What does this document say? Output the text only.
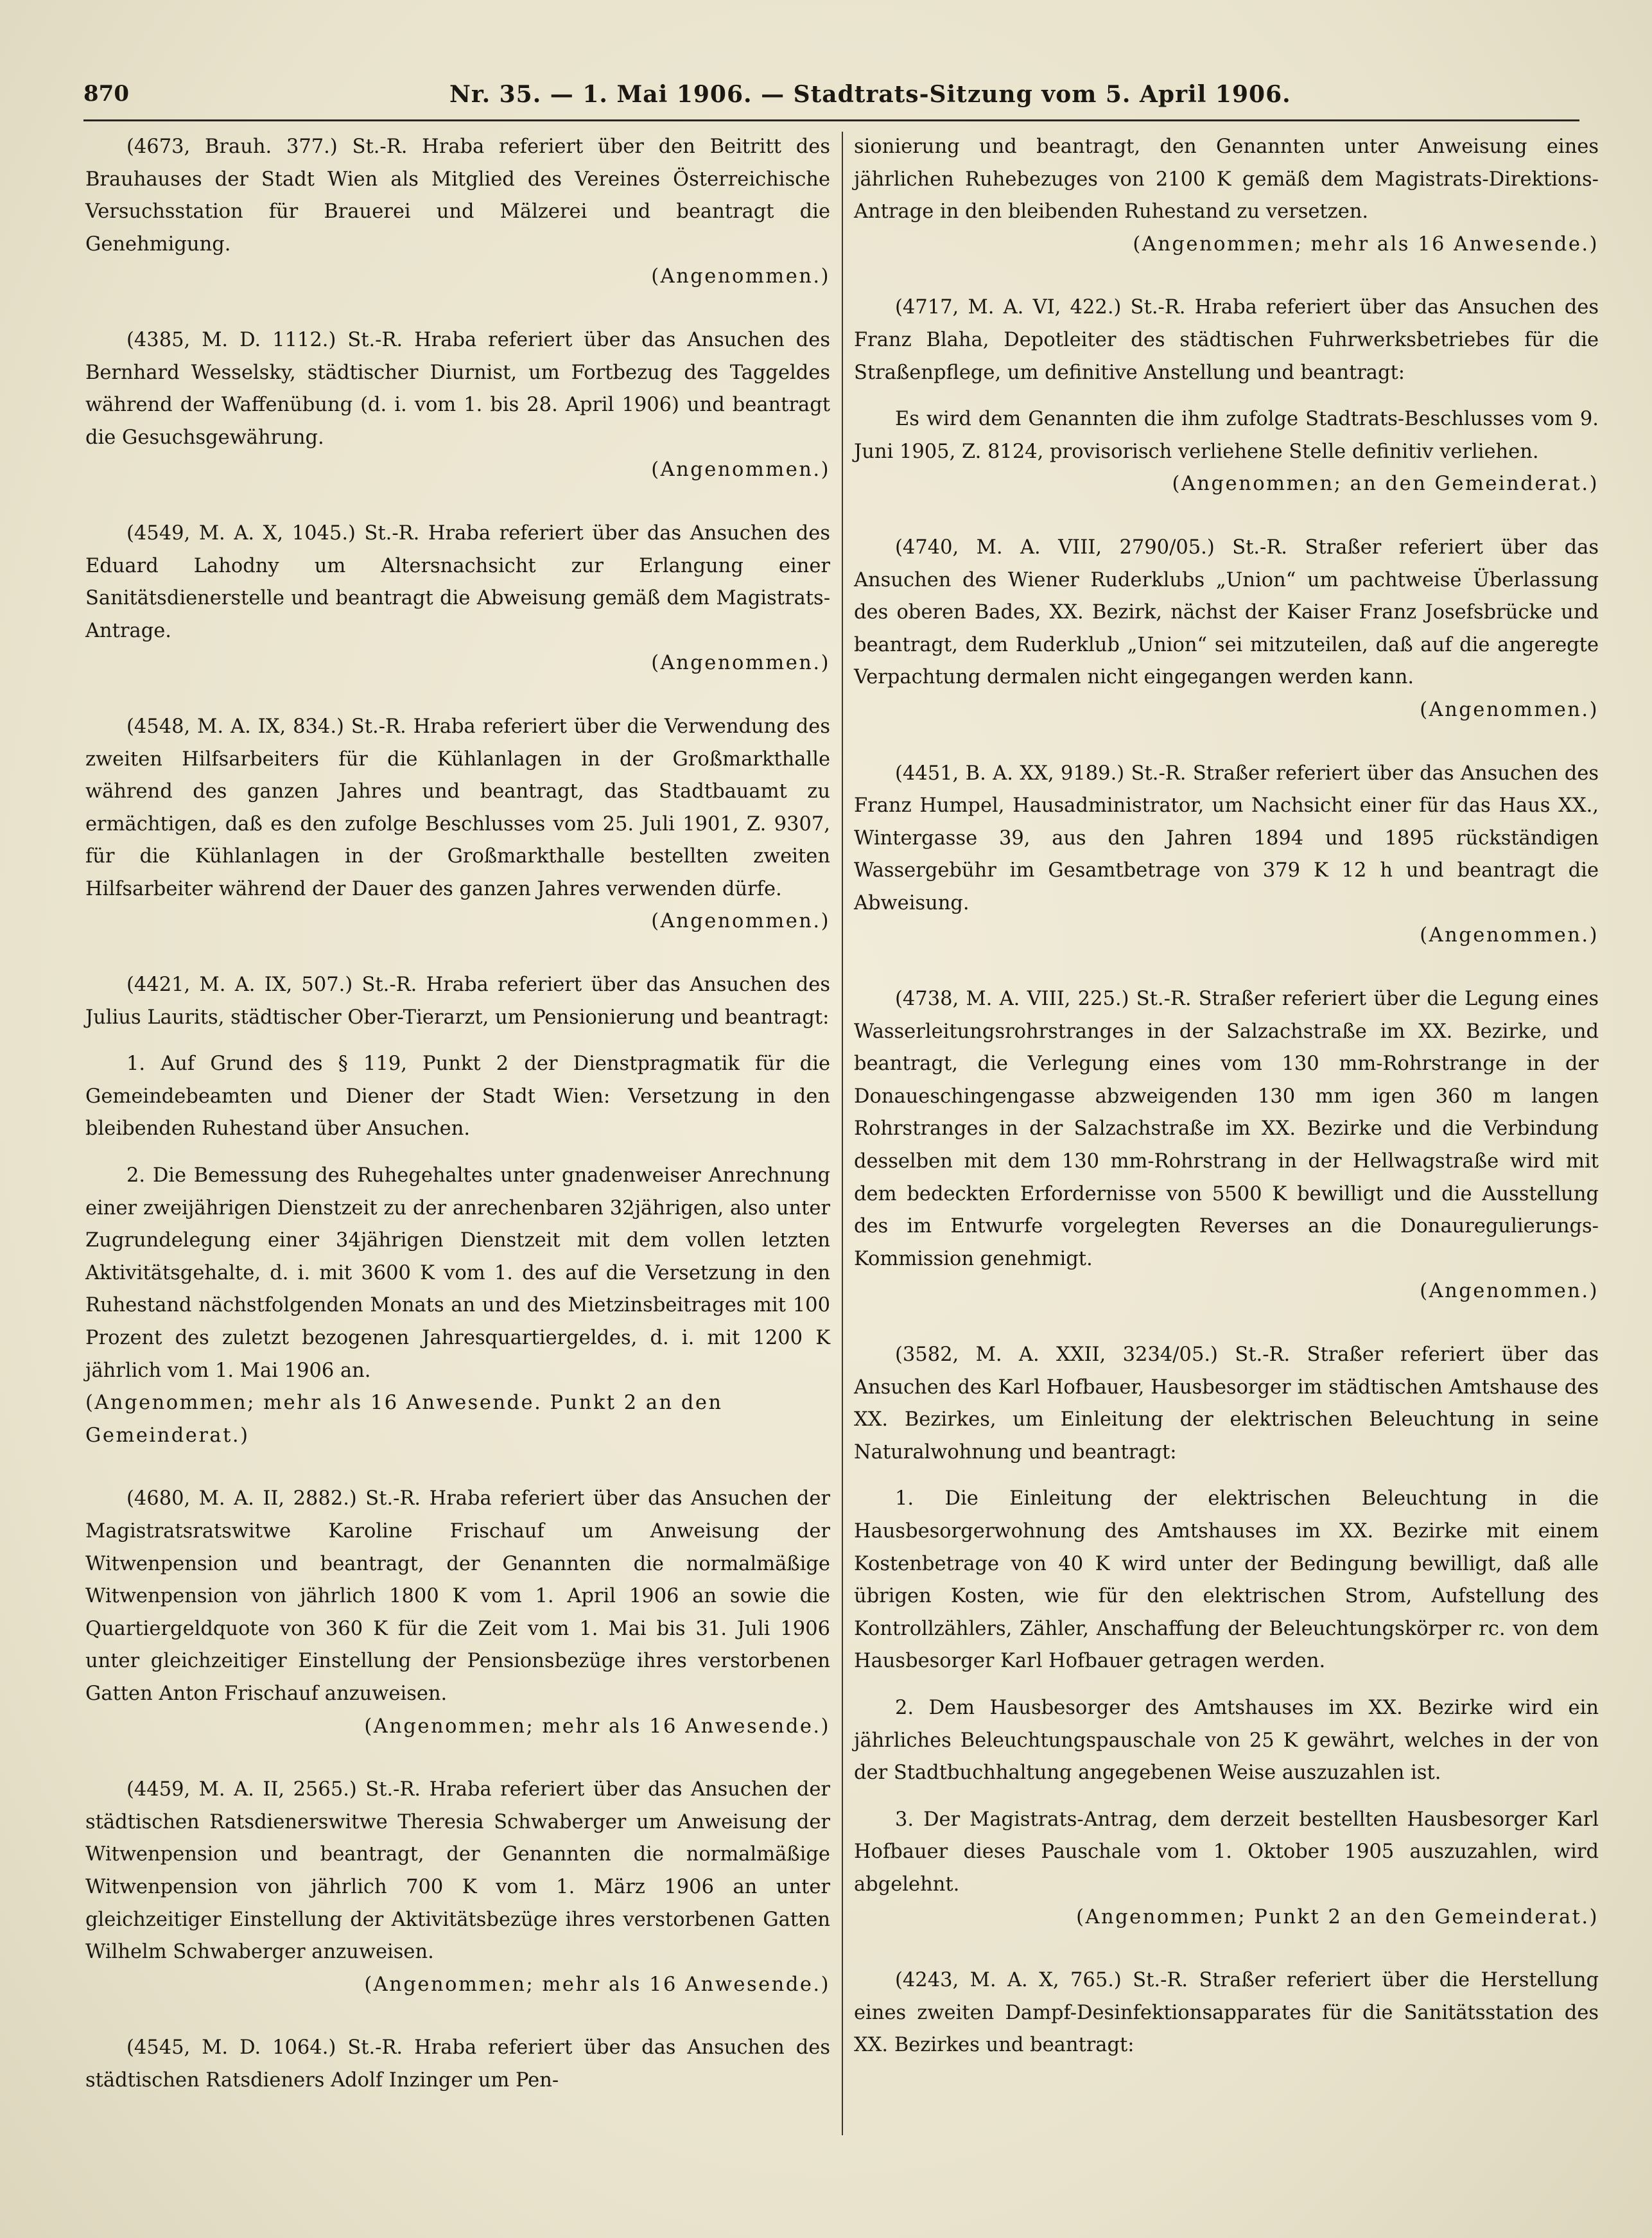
870	Nr. 35. — 1. Mai 1906. — Stadtrats-Sitzung vom 5. April 1906.

(4673, Brauh. 377.) St.-R. Hraba referiert über den Beitritt des Brauhauses der Stadt Wien als Mitglied des Vereines Österreichische Versuchsstation für Brauerei und Mälzerei und beantragt die Genehmigung.

(Angenommen.)

(4385, M. D. 1112.) St.-R. Hraba referiert über das Ansuchen des Bernhard Wesselsky, städtischer Diurnist, um Fortbezug des Taggeldes während der Waffenübung (d. i. vom 1. bis 28. April 1906) und beantragt die Gesuchsgewährung.

(Angenommen.)

(4549, M. A. X, 1045.) St.-R. Hraba referiert über das Ansuchen des Eduard Lahodny um Altersnachsicht zur Erlangung einer Sanitätsdienerstelle und beantragt die Abweisung gemäß dem Magistrats-Antrage.

(Angenommen.)

(4548, M. A. IX, 834.) St.-R. Hraba referiert über die Verwendung des zweiten Hilfsarbeiters für die Kühlanlagen in der Großmarkthalle während des ganzen Jahres und beantragt, das Stadtbauamt zu ermächtigen, daß es den zufolge Beschlusses vom 25. Juli 1901, Z. 9307, für die Kühlanlagen in der Großmarkthalle bestellten zweiten Hilfsarbeiter während der Dauer des ganzen Jahres verwenden dürfe.

(Angenommen.)

(4421, M. A. IX, 507.) St.-R. Hraba referiert über das Ansuchen des Julius Laurits, städtischer Ober-Tierarzt, um Pensionierung und beantragt:

1. Auf Grund des § 119, Punkt 2 der Dienstpragmatik für die Gemeindebeamten und Diener der Stadt Wien: Versetzung in den bleibenden Ruhestand über Ansuchen.

2. Die Bemessung des Ruhegehaltes unter gnadenweiser Anrechnung einer zweijährigen Dienstzeit zu der anrechenbaren 32jährigen, also unter Zugrundelegung einer 34jährigen Dienstzeit mit dem vollen letzten Aktivitätsgehalte, d. i. mit 3600 K vom 1. des auf die Versetzung in den Ruhestand nächstfolgenden Monats an und des Mietzinsbeitrages mit 100 Prozent des zuletzt bezogenen Jahresquartiergeldes, d. i. mit 1200 K jährlich vom 1. Mai 1906 an.

(Angenommen; mehr als 16 Anwesende. Punkt 2 an den Gemeinderat.)

(4680, M. A. II, 2882.) St.-R. Hraba referiert über das Ansuchen der Magistratsratswitwe Karoline Frischauf um Anweisung der Witwenpension und beantragt, der Genannten die normalmäßige Witwenpension von jährlich 1800 K vom 1. April 1906 an sowie die Quartiergeldquote von 360 K für die Zeit vom 1. Mai bis 31. Juli 1906 unter gleichzeitiger Einstellung der Pensionsbezüge ihres verstorbenen Gatten Anton Frischauf anzuweisen.

(Angenommen; mehr als 16 Anwesende.)

(4459, M. A. II, 2565.) St.-R. Hraba referiert über das Ansuchen der städtischen Ratsdienerswitwe Theresia Schwaberger um Anweisung der Witwenpension und beantragt, der Genannten die normalmäßige Witwenpension von jährlich 700 K vom 1. März 1906 an unter gleichzeitiger Einstellung der Aktivitätsbezüge ihres verstorbenen Gatten Wilhelm Schwaberger anzuweisen.

(Angenommen; mehr als 16 Anwesende.)

(4545, M. D. 1064.) St.-R. Hraba referiert über das Ansuchen des städtischen Ratsdieners Adolf Inzinger um Pen-

sionierung und beantragt, den Genannten unter Anweisung eines jährlichen Ruhebezuges von 2100 K gemäß dem Magistrats-Direktions-Antrage in den bleibenden Ruhestand zu versetzen.

(Angenommen; mehr als 16 Anwesende.)

(4717, M. A. VI, 422.) St.-R. Hraba referiert über das Ansuchen des Franz Blaha, Depotleiter des städtischen Fuhrwerksbetriebes für die Straßenpflege, um definitive Anstellung und beantragt:

Es wird dem Genannten die ihm zufolge Stadtrats-Beschlusses vom 9. Juni 1905, Z. 8124, provisorisch verliehene Stelle definitiv verliehen.

(Angenommen; an den Gemeinderat.)

(4740, M. A. VIII, 2790/05.) St.-R. Straßer referiert über das Ansuchen des Wiener Ruderklubs „Union“ um pachtweise Überlassung des oberen Bades, XX. Bezirk, nächst der Kaiser Franz Josefsbrücke und beantragt, dem Ruderklub „Union“ sei mitzuteilen, daß auf die angeregte Verpachtung dermalen nicht eingegangen werden kann.

(Angenommen.)

(4451, B. A. XX, 9189.) St.-R. Straßer referiert über das Ansuchen des Franz Humpel, Hausadministrator, um Nachsicht einer für das Haus XX., Wintergasse 39, aus den Jahren 1894 und 1895 rückständigen Wassergebühr im Gesamtbetrage von 379 K 12 h und beantragt die Abweisung.

(Angenommen.)

(4738, M. A. VIII, 225.) St.-R. Straßer referiert über die Legung eines Wasserleitungsrohrstranges in der Salzachstraße im XX. Bezirke, und beantragt, die Verlegung eines vom 130 mm-Rohrstrange in der Donaueschingengasse abzweigenden 130 mm igen 360 m langen Rohrstranges in der Salzachstraße im XX. Bezirke und die Verbindung desselben mit dem 130 mm-Rohrstrang in der Hellwagstraße wird mit dem bedeckten Erfordernisse von 5500 K bewilligt und die Ausstellung des im Entwurfe vorgelegten Reverses an die Donauregulierungs-Kommission genehmigt.

(Angenommen.)

(3582, M. A. XXII, 3234/05.) St.-R. Straßer referiert über das Ansuchen des Karl Hofbauer, Hausbesorger im städtischen Amtshause des XX. Bezirkes, um Einleitung der elektrischen Beleuchtung in seine Naturalwohnung und beantragt:

1. Die Einleitung der elektrischen Beleuchtung in die Hausbesorgerwohnung des Amtshauses im XX. Bezirke mit einem Kostenbetrage von 40 K wird unter der Bedingung bewilligt, daß alle übrigen Kosten, wie für den elektrischen Strom, Aufstellung des Kontrollzählers, Zähler, Anschaffung der Beleuchtungskörper rc. von dem Hausbesorger Karl Hofbauer getragen werden.

2. Dem Hausbesorger des Amtshauses im XX. Bezirke wird ein jährliches Beleuchtungspauschale von 25 K gewährt, welches in der von der Stadtbuchhaltung angegebenen Weise auszuzahlen ist.

3. Der Magistrats-Antrag, dem derzeit bestellten Hausbesorger Karl Hofbauer dieses Pauschale vom 1. Oktober 1905 auszuzahlen, wird abgelehnt.

(Angenommen; Punkt 2 an den Gemeinderat.)

(4243, M. A. X, 765.) St.-R. Straßer referiert über die Herstellung eines zweiten Dampf-Desinfektionsapparates für die Sanitätsstation des XX. Bezirkes und beantragt:
